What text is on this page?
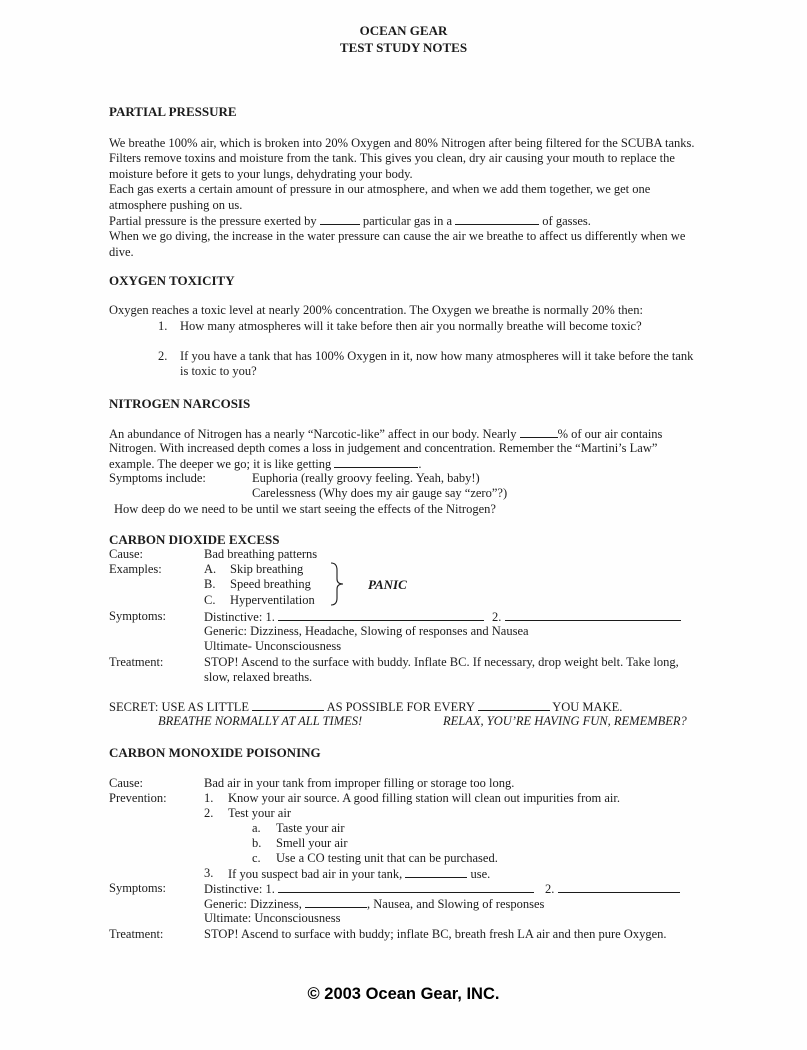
OCEAN GEAR
TEST STUDY NOTES
PARTIAL PRESSURE

We breathe 100% air, which is broken into 20% Oxygen and 80% Nitrogen after being filtered for the SCUBA tanks.

Filters remove toxins and moisture from the tank. This gives you clean, dry air causing your mouth to replace the

moisture before it gets to your lungs, dehydrating your body.

Each gas exerts a certain amount of pressure in our atmosphere, and when we add them together, we get one

atmosphere pushing on us.

Partial pressure is the pressure exerted by	particular gas in a	of gasses.

When we go diving, the increase in the water pressure can cause the air we breathe to affect us differently when we

dive.

OXYGEN TOXICITY
Oxygen reaches a toxic level at nearly 200% concentration. The Oxygen we breathe is normally 20% then:
1. How many atmospheres will it take before then air you normally breathe will become toxic?
2. If you have a tank that has 100% Oxygen in it, now how many atmospheres will it take before the tank
is toxic to you?
NITROGEN NARCOSIS
An abundance of Nitrogen has a nearly “Narcotic-like” affect in our body. Nearly	% of our air contains
Nitrogen. With increased depth comes a loss in judgement and concentration. Remember the “Martini’s Law”
example. The deeper we go; it is like getting	.
Symptoms include:	Euphoria (really groovy feeling. Yeah, baby!)
Carelessness (Why does my air gauge say “zero”?)
How deep do we need to be until we start seeing the effects of the Nitrogen?
CARBON DIOXIDE EXCESS
Cause:	Bad breathing patterns
Examples:	A. Skip breathing
B. Speed breathing
C. Hyperventilation
PANIC
Symptoms:	Distinctive: 1.	2.
Generic: Dizziness, Headache, Slowing of responses and Nausea
Ultimate- Unconsciousness
Treatment:	STOP! Ascend to the surface with buddy. Inflate BC. If necessary, drop weight belt. Take long,
slow, relaxed breaths.
SECRET: USE AS LITTLE	AS POSSIBLE FOR EVERY	YOU MAKE.
BREATHE NORMALLY AT ALL TIMES!	RELAX, YOU’RE HAVING FUN, REMEMBER?
CARBON MONOXIDE POISONING
Cause:	Bad air in your tank from improper filling or storage too long.
Prevention:	1. Know your air source. A good filling station will clean out impurities from air.
2. Test your air
a. Taste your air
b. Smell your air
c. Use a CO testing unit that can be purchased.
3. If you suspect bad air in your tank,	use.
Symptoms:	Distinctive: 1.	2.
Generic: Dizziness,	, Nausea, and Slowing of responses
Ultimate: Unconsciousness
Treatment:	STOP! Ascend to surface with buddy; inflate BC, breath fresh LA air and then pure Oxygen.
© 2003 Ocean Gear, INC.
